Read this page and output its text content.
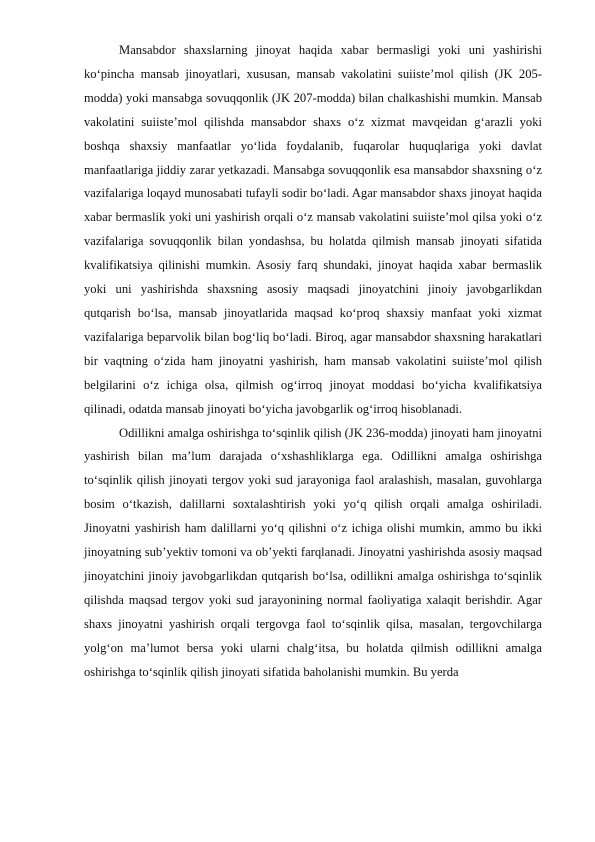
Mansabdor shaxslarning jinoyat haqida xabar bermasligi yoki uni yashirishi ko‘pincha mansab jinoyatlari, xususan, mansab vakolatini suiiste’mol qilish (JK 205-modda) yoki mansabga sovuqqonlik (JK 207-modda) bilan chalkashishi mumkin. Mansab vakolatini suiiste’mol qilishda mansabdor shaxs o‘z xizmat mavqeidan g‘arazli yoki boshqa shaxsiy manfaatlar yo‘lida foydalanib, fuqarolar huquqlariga yoki davlat manfaatlariga jiddiy zarar yetkazadi. Mansabga sovuqqonlik esa mansabdor shaxsning o‘z vazifalariga loqayd munosabati tufayli sodir bo‘ladi. Agar mansabdor shaxs jinoyat haqida xabar bermaslik yoki uni yashirish orqali o‘z mansab vakolatini suiiste’mol qilsa yoki o‘z vazifalariga sovuqqonlik bilan yondashsa, bu holatda qilmish mansab jinoyati sifatida kvalifikatsiya qilinishi mumkin. Asosiy farq shundaki, jinoyat haqida xabar bermaslik yoki uni yashirishda shaxsning asosiy maqsadi jinoyatchini jinoiy javobgarlikdan qutqarish bo‘lsa, mansab jinoyatlarida maqsad ko‘proq shaxsiy manfaat yoki xizmat vazifalariga beparvolik bilan bog‘liq bo‘ladi. Biroq, agar mansabdor shaxsning harakatlari bir vaqtning o‘zida ham jinoyatni yashirish, ham mansab vakolatini suiiste’mol qilish belgilarini o‘z ichiga olsa, qilmish og‘irroq jinoyat moddasi bo‘yicha kvalifikatsiya qilinadi, odatda mansab jinoyati bo‘yicha javobgarlik og‘irroq hisoblanadi.

Odillikni amalga oshirishga to‘sqinlik qilish (JK 236-modda) jinoyati ham jinoyatni yashirish bilan ma’lum darajada o‘xshashliklarga ega. Odillikni amalga oshirishga to‘sqinlik qilish jinoyati tergov yoki sud jarayoniga faol aralashish, masalan, guvohlarga bosim o‘tkazish, dalillarni soxtalashtirish yoki yo‘q qilish orqali amalga oshiriladi. Jinoyatni yashirish ham dalillarni yo‘q qilishni o‘z ichiga olishi mumkin, ammo bu ikki jinoyatning sub’yektiv tomoni va ob’yekti farqlanadi. Jinoyatni yashirishda asosiy maqsad jinoyatchini jinoiy javobgarlikdan qutqarish bo‘lsa, odillikni amalga oshirishga to‘sqinlik qilishda maqsad tergov yoki sud jarayonining normal faoliyatiga xalaqit berishdir. Agar shaxs jinoyatni yashirish orqali tergovga faol to‘sqinlik qilsa, masalan, tergovchilarga yolg‘on ma’lumot bersa yoki ularni chalg‘itsa, bu holatda qilmish odillikni amalga oshirishga to‘sqinlik qilish jinoyati sifatida baholanishi mumkin. Bu yerda
